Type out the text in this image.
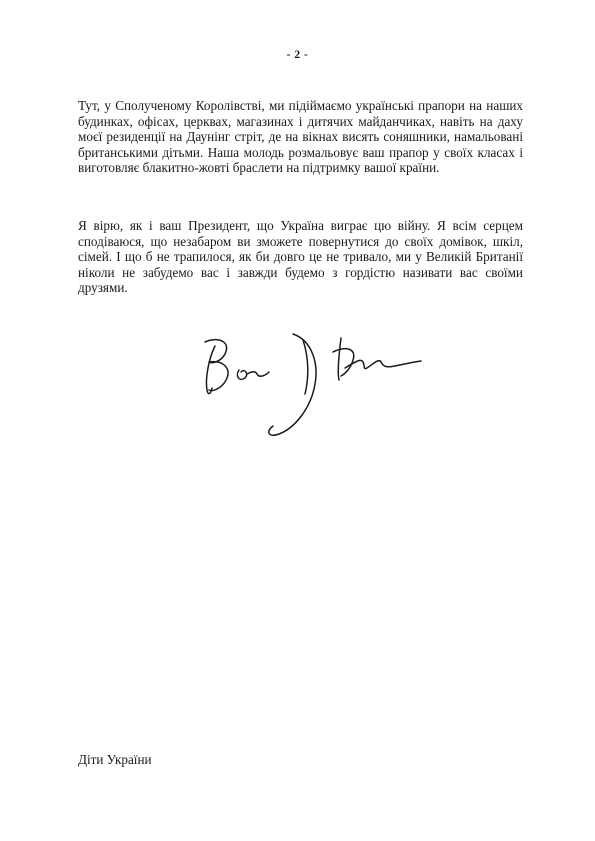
- 2 -

Тут, у Сполученому Королівстві, ми підіймаємо українські прапори на наших будинках, офісах, церквах, магазинах і дитячих майданчиках, навіть на даху моєї резиденції на Даунінг стріт, де на вікнах висять соняшники, намальовані британськими дітьми. Наша молодь розмальовує ваш прапор у своїх класах і виготовляє блакитно-жовті браслети на підтримку вашої країни.

Я вірю, як і ваш Президент, що Україна виграє цю війну. Я всім серцем сподіваюся, що незабаром ви зможете повернутися до своїх домівок, шкіл, сімей. І що б не трапилося, як би довго це не тривало, ми у Великій Британії ніколи не забудемо вас і завжди будемо з гордістю називати вас своїми друзями.

Діти України
